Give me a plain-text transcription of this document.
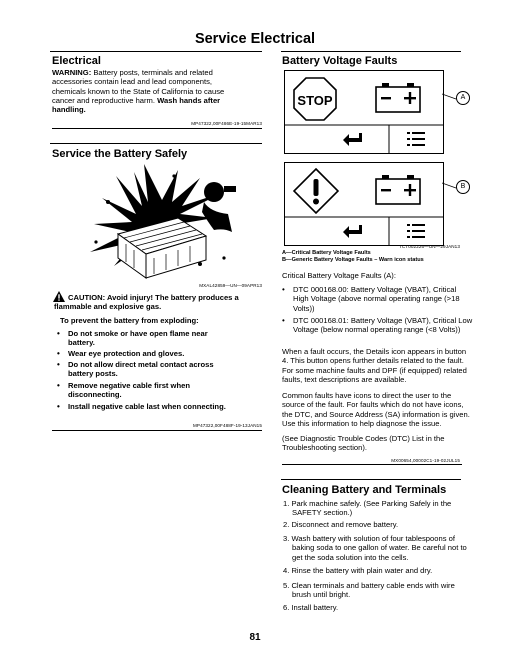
Service Electrical
Electrical
WARNING: Battery posts, terminals and related
accessories contain lead and lead components,
chemicals known to the State of California to cause
cancer and reproductive harm. Wash hands after
handling.
MP47322,00F486E-19-15MAR13
Service the Battery Safely
MXAL42859—UN—09APR13
CAUTION: Avoid injury! The battery produces a
flammable and explosive gas.
To prevent the battery from exploding:
• Do not smoke or have open flame near
battery.
• Wear eye protection and gloves.
• Do not allow direct metal contact across
battery posts.
• Remove negative cable first when
disconnecting.
• Install negative cable last when connecting.
MP47322,00F488F-19-13JAN15
Battery Voltage Faults
STOP	A
B
TCT002226—UN—29JAN13
A—Critical Battery Voltage Faults
B—Generic Battery Voltage Faults – Warn icon status
Critical Battery Voltage Faults (A):
• DTC 000168.00: Battery Voltage (VBAT), Critical
High Voltage (above normal operating range (>18
Volts))
• DTC 000168.01: Battery Voltage (VBAT), Critical Low
Voltage (below normal operating range (<8 Volts))
When a fault occurs, the Details icon appears in button
4. This button opens further details related to the fault.
For some machine faults and DPF (if equipped) related
faults, text descriptions are available.
Common faults have icons to direct the user to the
source of the fault. For faults which do not have icons,
the DTC, and Source Address (SA) information is given.
Use this information to help diagnose the issue.
(See Diagnostic Trouble Codes (DTC) List in the
Troubleshooting section).
MX00654,00002C1-19-02JUL15
Cleaning Battery and Terminals
1. Park machine safely. (See Parking Safely in the
SAFETY section.)
2. Disconnect and remove battery.
3. Wash battery with solution of four tablespoons of
baking soda to one gallon of water. Be careful not to
get the soda solution into the cells.
4. Rinse the battery with plain water and dry.
5. Clean terminals and battery cable ends with wire
brush until bright.
6. Install battery.
81
